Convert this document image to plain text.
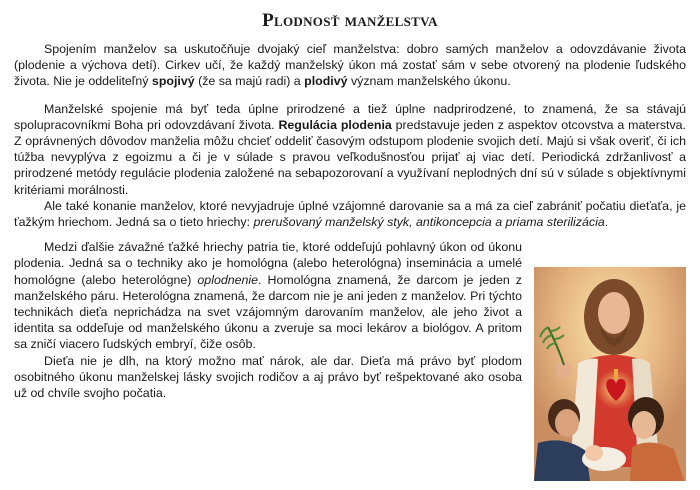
Plodnosť manželstva

Spojením manželov sa uskutočňuje dvojaký cieľ manželstva: dobro samých manželov a odovzdávanie života (plodenie a výchova detí). Cirkev učí, že každý manželský úkon má zostať sám v sebe otvorený na plodenie ľudského života. Nie je oddeliteľný spojivý (že sa majú radi) a plodivý význam manželského úkonu.

Manželské spojenie má byť teda úplne prirodzené a tiež úplne nadprirodzené, to znamená, že sa stávajú spolupracovníkmi Boha pri odovzdávaní života. Regulácia plodenia predstavuje jeden z aspektov otcovstva a materstva. Z oprávnených dôvodov manželia môžu chcieť oddeliť časovým odstupom plodenie svojich detí. Majú si však overiť, či ich túžba nevyplýva z egoizmu a či je v súlade s pravou veľkodušnosťou prijať aj viac detí. Periodická zdržanlivosť a prirodzené metódy regulácie plodenia založené na sebapozorovaní a využívaní neplodných dní sú v súlade s objektívnymi kritériami morálnosti.

Ale také konanie manželov, ktoré nevyjadruje úplné vzájomné darovanie sa a má za cieľ zabrániť počatiu dieťaťa, je ťažkým hriechom. Jedná sa o tieto hriechy: prerušovaný manželský styk, antikoncepcia a priama sterilizácia.

Medzi ďalšie závažné ťažké hriechy patria tie, ktoré oddeľujú pohlavný úkon od úkonu plodenia. Jedná sa o techniky ako je homológna (alebo heterológna) inseminácia a umelé homológne (alebo heterológne) oplodnenie. Homológna znamená, že darcom je jeden z manželského páru. Heterológna znamená, že darcom nie je ani jeden z manželov. Pri týchto technikách dieťa neprichádza na svet vzájomným darovaním manželov, ale jeho život a identita sa oddeľuje od manželského úkonu a zveruje sa moci lekárov a biológov. A pritom sa zničí viacero ľudských embryí, čiže osôb.

Dieťa nie je dlh, na ktorý možno mať nárok, ale dar. Dieťa má právo byť plodom osobitného úkonu manželskej lásky svojich rodičov a aj právo byť rešpektované ako osoba už od chvíle svojho počatia.
